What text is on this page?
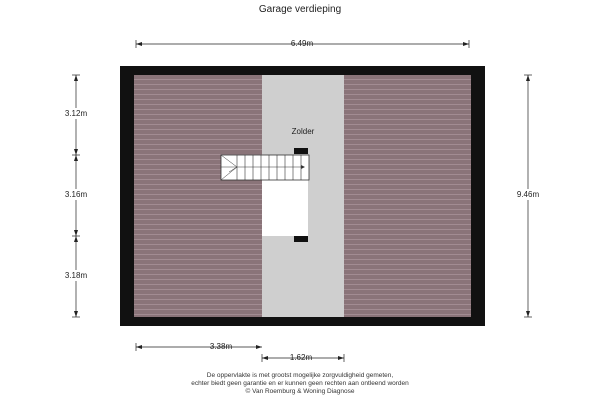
Garage verdieping
Zolder
6.49m
3.12m
3.16m
3.18m
9.46m
3.38m
1.62m
De oppervlakte is met grootst mogelijke zorgvuldigheid gemeten,
echter biedt geen garantie en er kunnen geen rechten aan ontleend worden
© Van Roemburg & Woning Diagnose
